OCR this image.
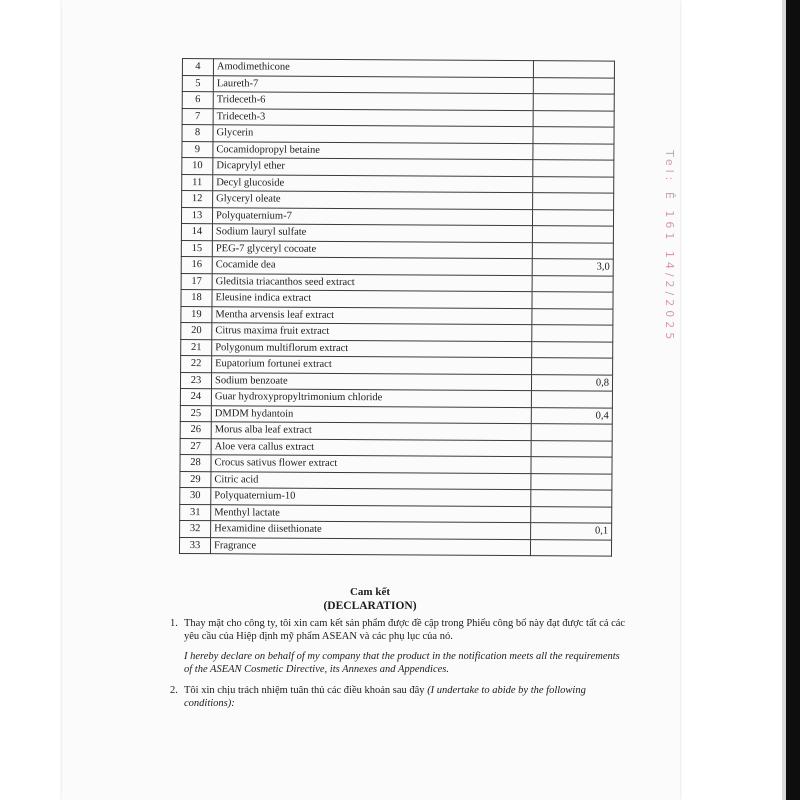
4	Amodimethicone	
5	Laureth-7	
6	Trideceth-6	
7	Trideceth-3	
8	Glycerin	
9	Cocamidopropyl betaine	
10	Dicaprylyl ether	
11	Decyl glucoside	
12	Glyceryl oleate	
13	Polyquaternium-7	
14	Sodium lauryl sulfate	
15	PEG-7 glyceryl cocoate	
16	Cocamide dea	3,0
17	Gleditsia triacanthos seed extract	
18	Eleusine indica extract	
19	Mentha arvensis leaf extract	
20	Citrus maxima fruit extract	
21	Polygonum multiflorum extract	
22	Eupatorium fortunei extract	
23	Sodium benzoate	0,8
24	Guar hydroxypropyltrimonium chloride	
25	DMDM hydantoin	0,4
26	Morus alba leaf extract	
27	Aloe vera callus extract	
28	Crocus sativus flower extract	
29	Citric acid	
30	Polyquaternium-10	
31	Menthyl lactate	
32	Hexamidine diisethionate	0,1
33	Fragrance	
Tel: Ê 161 14/2/2025
Cam kết
(DECLARATION)
1. Thay mặt cho công ty, tôi xin cam kết sản phẩm được đề cập trong Phiếu công bố này đạt được tất cả các yêu cầu của Hiệp định mỹ phẩm ASEAN và các phụ lục của nó.
I hereby declare on behalf of my company that the product in the notification meets all the requirements of the ASEAN Cosmetic Directive, its Annexes and Appendices.
2. Tôi xin chịu trách nhiệm tuân thủ các điều khoản sau đây (I undertake to abide by the following conditions):
